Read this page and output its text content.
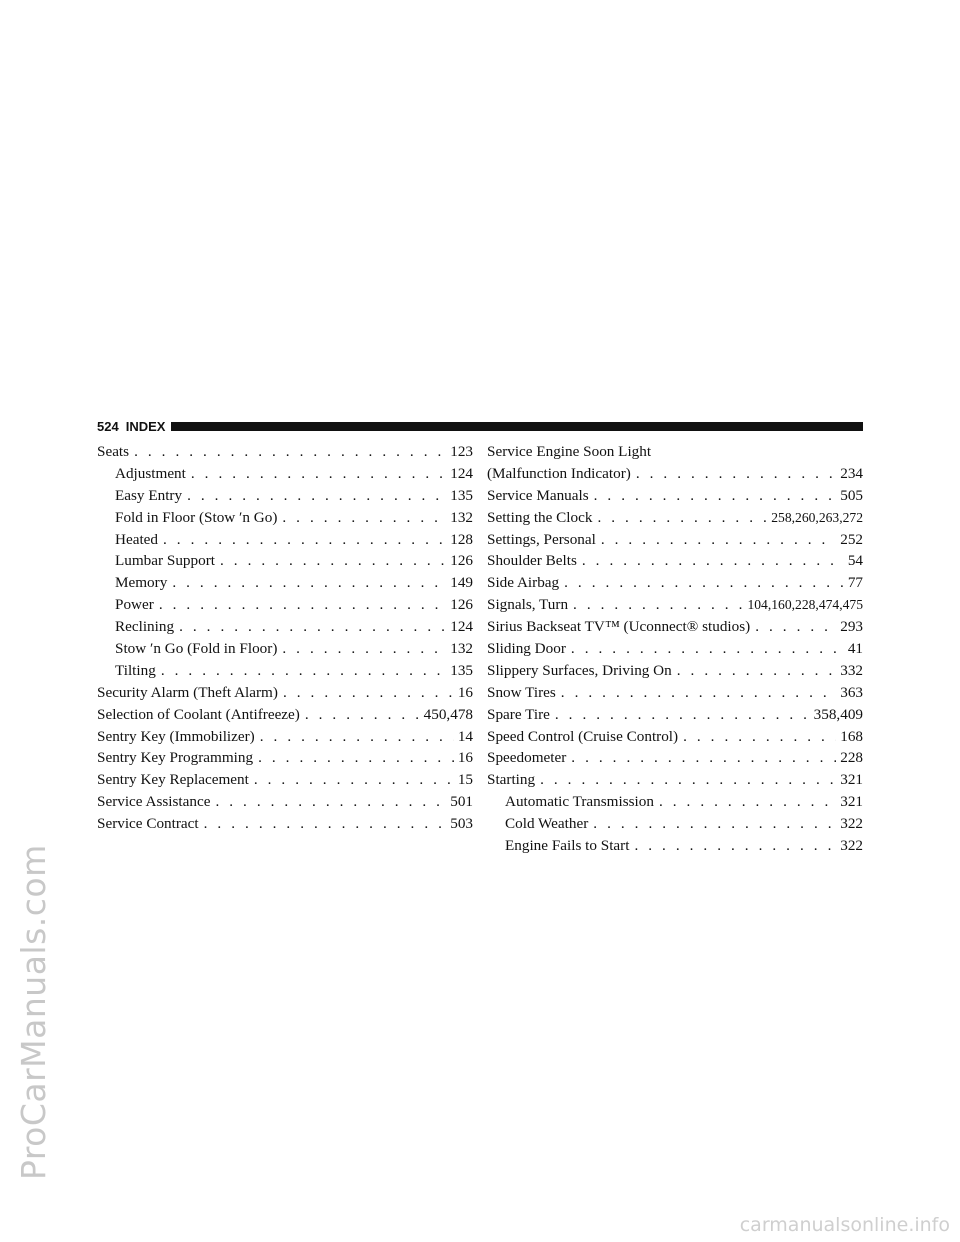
ProCarManuals.com
carmanualsonline.info
524 INDEX
Seats . . .	123
Adjustment . . .	124
Easy Entry . . .	135
Fold in Floor (Stow ′n Go) . . .	132
Heated . . .	128
Lumbar Support . . .	126
Memory . . .	149
Power . . .	126
Reclining . . .	124
Stow ′n Go (Fold in Floor) . . .	132
Tilting . . .	135
Security Alarm (Theft Alarm) . . .	16
Selection of Coolant (Antifreeze) . . .	450,478
Sentry Key (Immobilizer) . . .	14
Sentry Key Programming . . .	16
Sentry Key Replacement . . .	15
Service Assistance . . .	501
Service Contract . . .	503
Service Engine Soon Light
(Malfunction Indicator) . . .	234
Service Manuals . . .	505
Setting the Clock . . .	258,260,263,272
Settings, Personal . . .	252
Shoulder Belts . . .	54
Side Airbag . . .	77
Signals, Turn . . .	104,160,228,474,475
Sirius Backseat TV™ (Uconnect® studios) . . .	293
Sliding Door . . .	41
Slippery Surfaces, Driving On . . .	332
Snow Tires . . .	363
Spare Tire . . .	358,409
Speed Control (Cruise Control) . . .	168
Speedometer . . .	228
Starting . . .	321
Automatic Transmission . . .	321
Cold Weather . . .	322
Engine Fails to Start . . .	322
